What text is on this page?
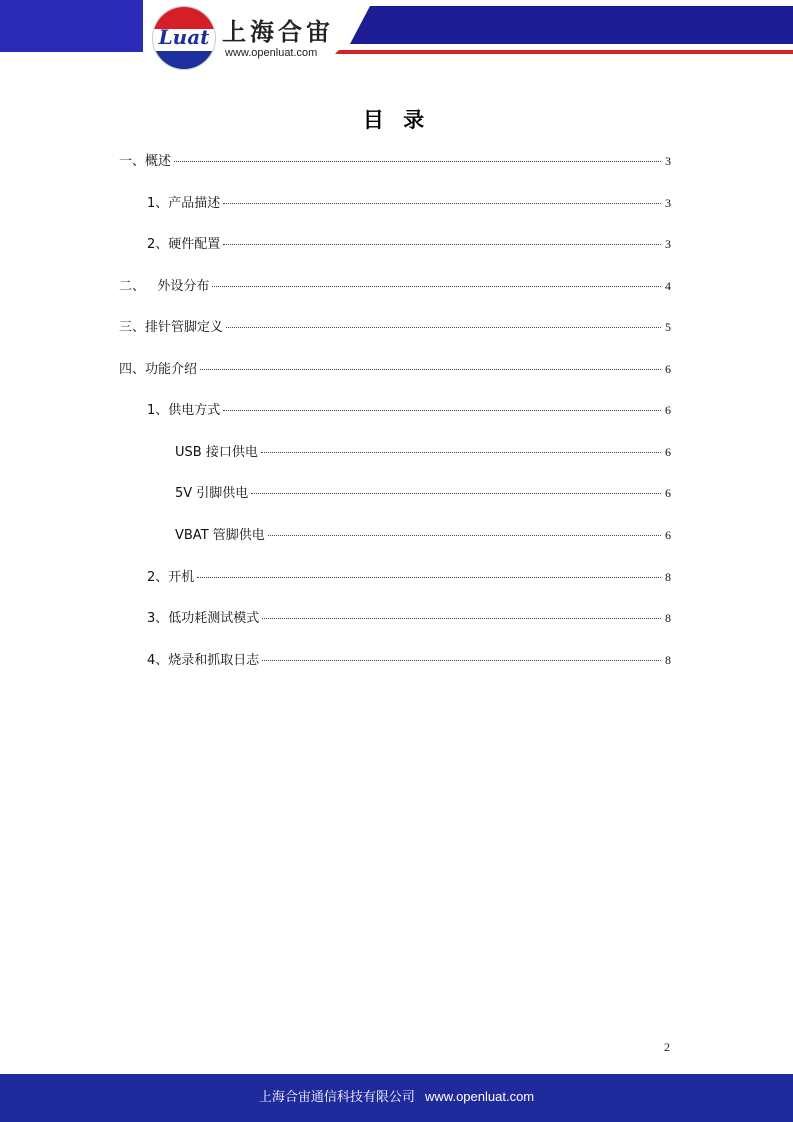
Luat 上海合宙
www.openluat.com
目 录
一、概述	3
1、产品描述	3
2、硬件配置	3
二、   外设分布	4
三、排针管脚定义	5
四、功能介绍	6
1、供电方式	6
USB 接口供电	6
5V 引脚供电	6
VBAT 管脚供电	6
2、开机	8
3、低功耗测试模式	8
4、烧录和抓取日志	8
2
上海合宙通信科技有限公司 www.openluat.com
